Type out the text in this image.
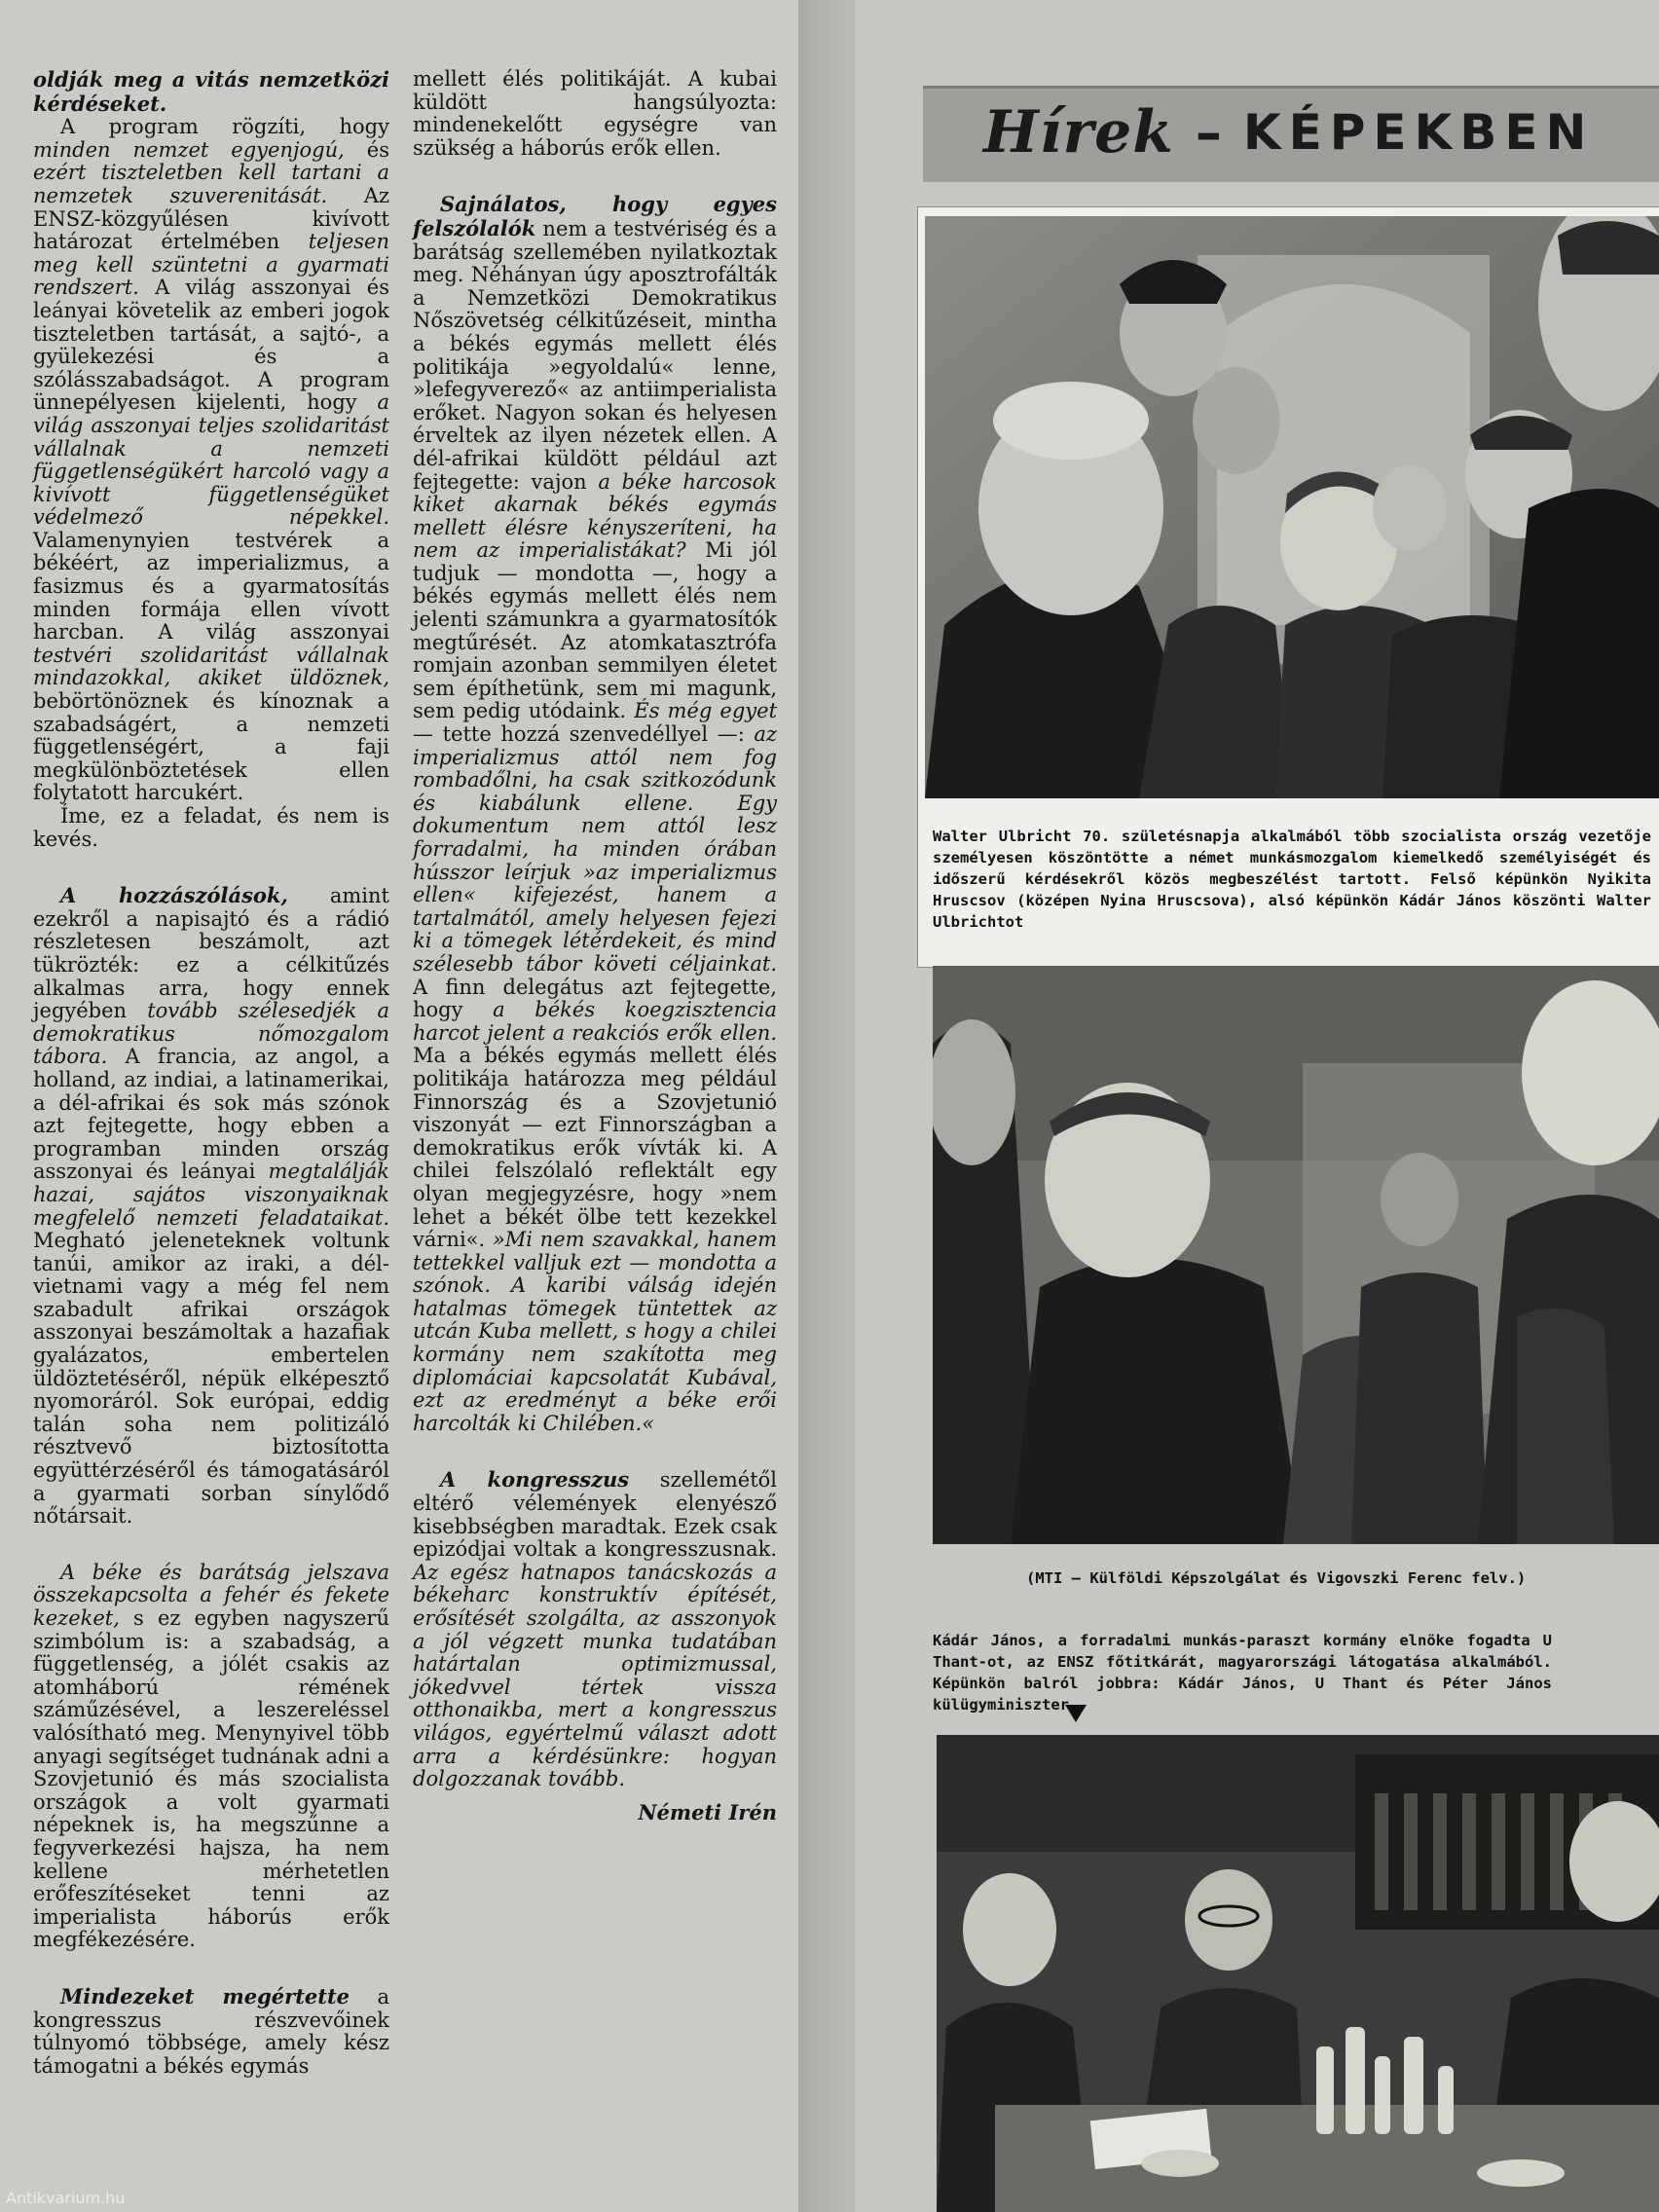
oldják meg a vitás nemzetközi kérdéseket.

A program rögzíti, hogy minden nemzet egyenjogú, és ezért tiszteletben kell tartani a nemzetek szuverenitását. Az ENSZ-közgyűlésen kivívott határozat értelmében teljesen meg kell szüntetni a gyarmati rendszert. A világ asszonyai és leányai követelik az emberi jogok tiszteletben tartását, a sajtó-, a gyülekezési és a szólásszabadságot. A program ünnepélyesen kijelenti, hogy a világ asszonyai teljes szolidaritást vállalnak a nemzeti függetlenségükért harcoló vagy a kivívott függetlenségüket védelmező népekkel. Valamenynyien testvérek a békéért, az imperializmus, a fasizmus és a gyarmatosítás minden formája ellen vívott harcban. A világ asszonyai testvéri szolidaritást vállalnak mindazokkal, akiket üldöznek, bebörtönöznek és kínoznak a szabadságért, a nemzeti függetlenségért, a faji megkülönböztetések ellen folytatott harcukért.

Íme, ez a feladat, és nem is kevés.

A hozzászólások, amint ezekről a napisajtó és a rádió részletesen beszámolt, azt tükrözték: ez a célkitűzés alkalmas arra, hogy ennek jegyében tovább szélesedjék a demokratikus nőmozgalom tábora. A francia, az angol, a holland, az indiai, a latinamerikai, a dél-afrikai és sok más szónok azt fejtegette, hogy ebben a programban minden ország asszonyai és leányai megtalálják hazai, sajátos viszonyaiknak megfelelő nemzeti feladataikat. Megható jeleneteknek voltunk tanúi, amikor az iraki, a dél-vietnami vagy a még fel nem szabadult afrikai országok asszonyai beszámoltak a hazafiak gyalázatos, embertelen üldöztetéséről, népük elképesztő nyomoráról. Sok európai, eddig talán soha nem politizáló résztvevő biztosította együttérzéséről és támogatásáról a gyarmati sorban sínylődő nőtársait.

A béke és barátság jelszava összekapcsolta a fehér és fekete kezeket, s ez egyben nagyszerű szimbólum is: a szabadság, a függetlenség, a jólét csakis az atomháború rémének száműzésével, a leszereléssel valósítható meg. Menynyivel több anyagi segítséget tudnának adni a Szovjetunió és más szocialista országok a volt gyarmati népeknek is, ha megszűnne a fegyverkezési hajsza, ha nem kellene mérhetetlen erőfeszítéseket tenni az imperialista háborús erők megfékezésére.

Mindezeket megértette a kongresszus részvevőinek túlnyomó többsége, amely kész támogatni a békés egymás

mellett élés politikáját. A kubai küldött hangsúlyozta: mindenekelőtt egységre van szükség a háborús erők ellen.

Sajnálatos, hogy egyes felszólalók nem a testvériség és a barátság szellemében nyilatkoztak meg. Néhányan úgy aposztrofálták a Nemzetközi Demokratikus Nőszövetség célkitűzéseit, mintha a békés egymás mellett élés politikája »egyoldalú« lenne, »lefegyverező« az antiimperialista erőket. Nagyon sokan és helyesen érveltek az ilyen nézetek ellen. A dél-afrikai küldött például azt fejtegette: vajon a béke harcosok kiket akarnak békés egymás mellett élésre kényszeríteni, ha nem az imperialistákat? Mi jól tudjuk — mondotta —, hogy a békés egymás mellett élés nem jelenti számunkra a gyarmatosítók megtűrését. Az atomkatasztrófa romjain azonban semmilyen életet sem építhetünk, sem mi magunk, sem pedig utódaink. És még egyet — tette hozzá szenvedéllyel —: az imperializmus attól nem fog rombadőlni, ha csak szitkozódunk és kiabálunk ellene. Egy dokumentum nem attól lesz forradalmi, ha minden órában hússzor leírjuk »az imperializmus ellen« kifejezést, hanem a tartalmától, amely helyesen fejezi ki a tömegek létérdekeit, és mind szélesebb tábor követi céljainkat. A finn delegátus azt fejtegette, hogy a békés koegzisztencia harcot jelent a reakciós erők ellen. Ma a békés egymás mellett élés politikája határozza meg például Finnország és a Szovjetunió viszonyát — ezt Finnországban a demokratikus erők vívták ki. A chilei felszólaló reflektált egy olyan megjegyzésre, hogy »nem lehet a békét ölbe tett kezekkel várni«. »Mi nem szavakkal, hanem tettekkel valljuk ezt — mondotta a szónok. A karibi válság idején hatalmas tömegek tüntettek az utcán Kuba mellett, s hogy a chilei kormány nem szakította meg diplomáciai kapcsolatát Kubával, ezt az eredményt a béke erői harcolták ki Chilében.«

A kongresszus szellemétől eltérő vélemények elenyésző kisebbségben maradtak. Ezek csak epizódjai voltak a kongresszusnak. Az egész hatnapos tanácskozás a békeharc konstruktív építését, erősítését szolgálta, az asszonyok a jól végzett munka tudatában határtalan optimizmussal, jókedvvel tértek vissza otthonaikba, mert a kongresszus világos, egyértelmű választ adott arra a kérdésünkre: hogyan dolgozzanak tovább.

Németi Irén
Hírek – KÉPEKBEN
Walter Ulbricht 70. születésnapja alkalmából több szocialista ország vezetője személyesen köszöntötte a német munkásmozgalom kiemelkedő személyiségét és időszerű kérdésekről közös megbeszélést tartott. Felső képünkön Nyikita Hruscsov (középen Nyina Hruscsova), alsó képünkön Kádár János köszönti Walter Ulbrichtot
(MTI — Külföldi Képszolgálat és Vigovszki Ferenc felv.)
Kádár János, a forradalmi munkás-paraszt kormány elnöke fogadta U Thant-ot, az ENSZ főtitkárát, magyarországi látogatása alkalmából. Képünkön balról jobbra: Kádár János, U Thant és Péter János külügyminiszter
Antikvarium.hu
